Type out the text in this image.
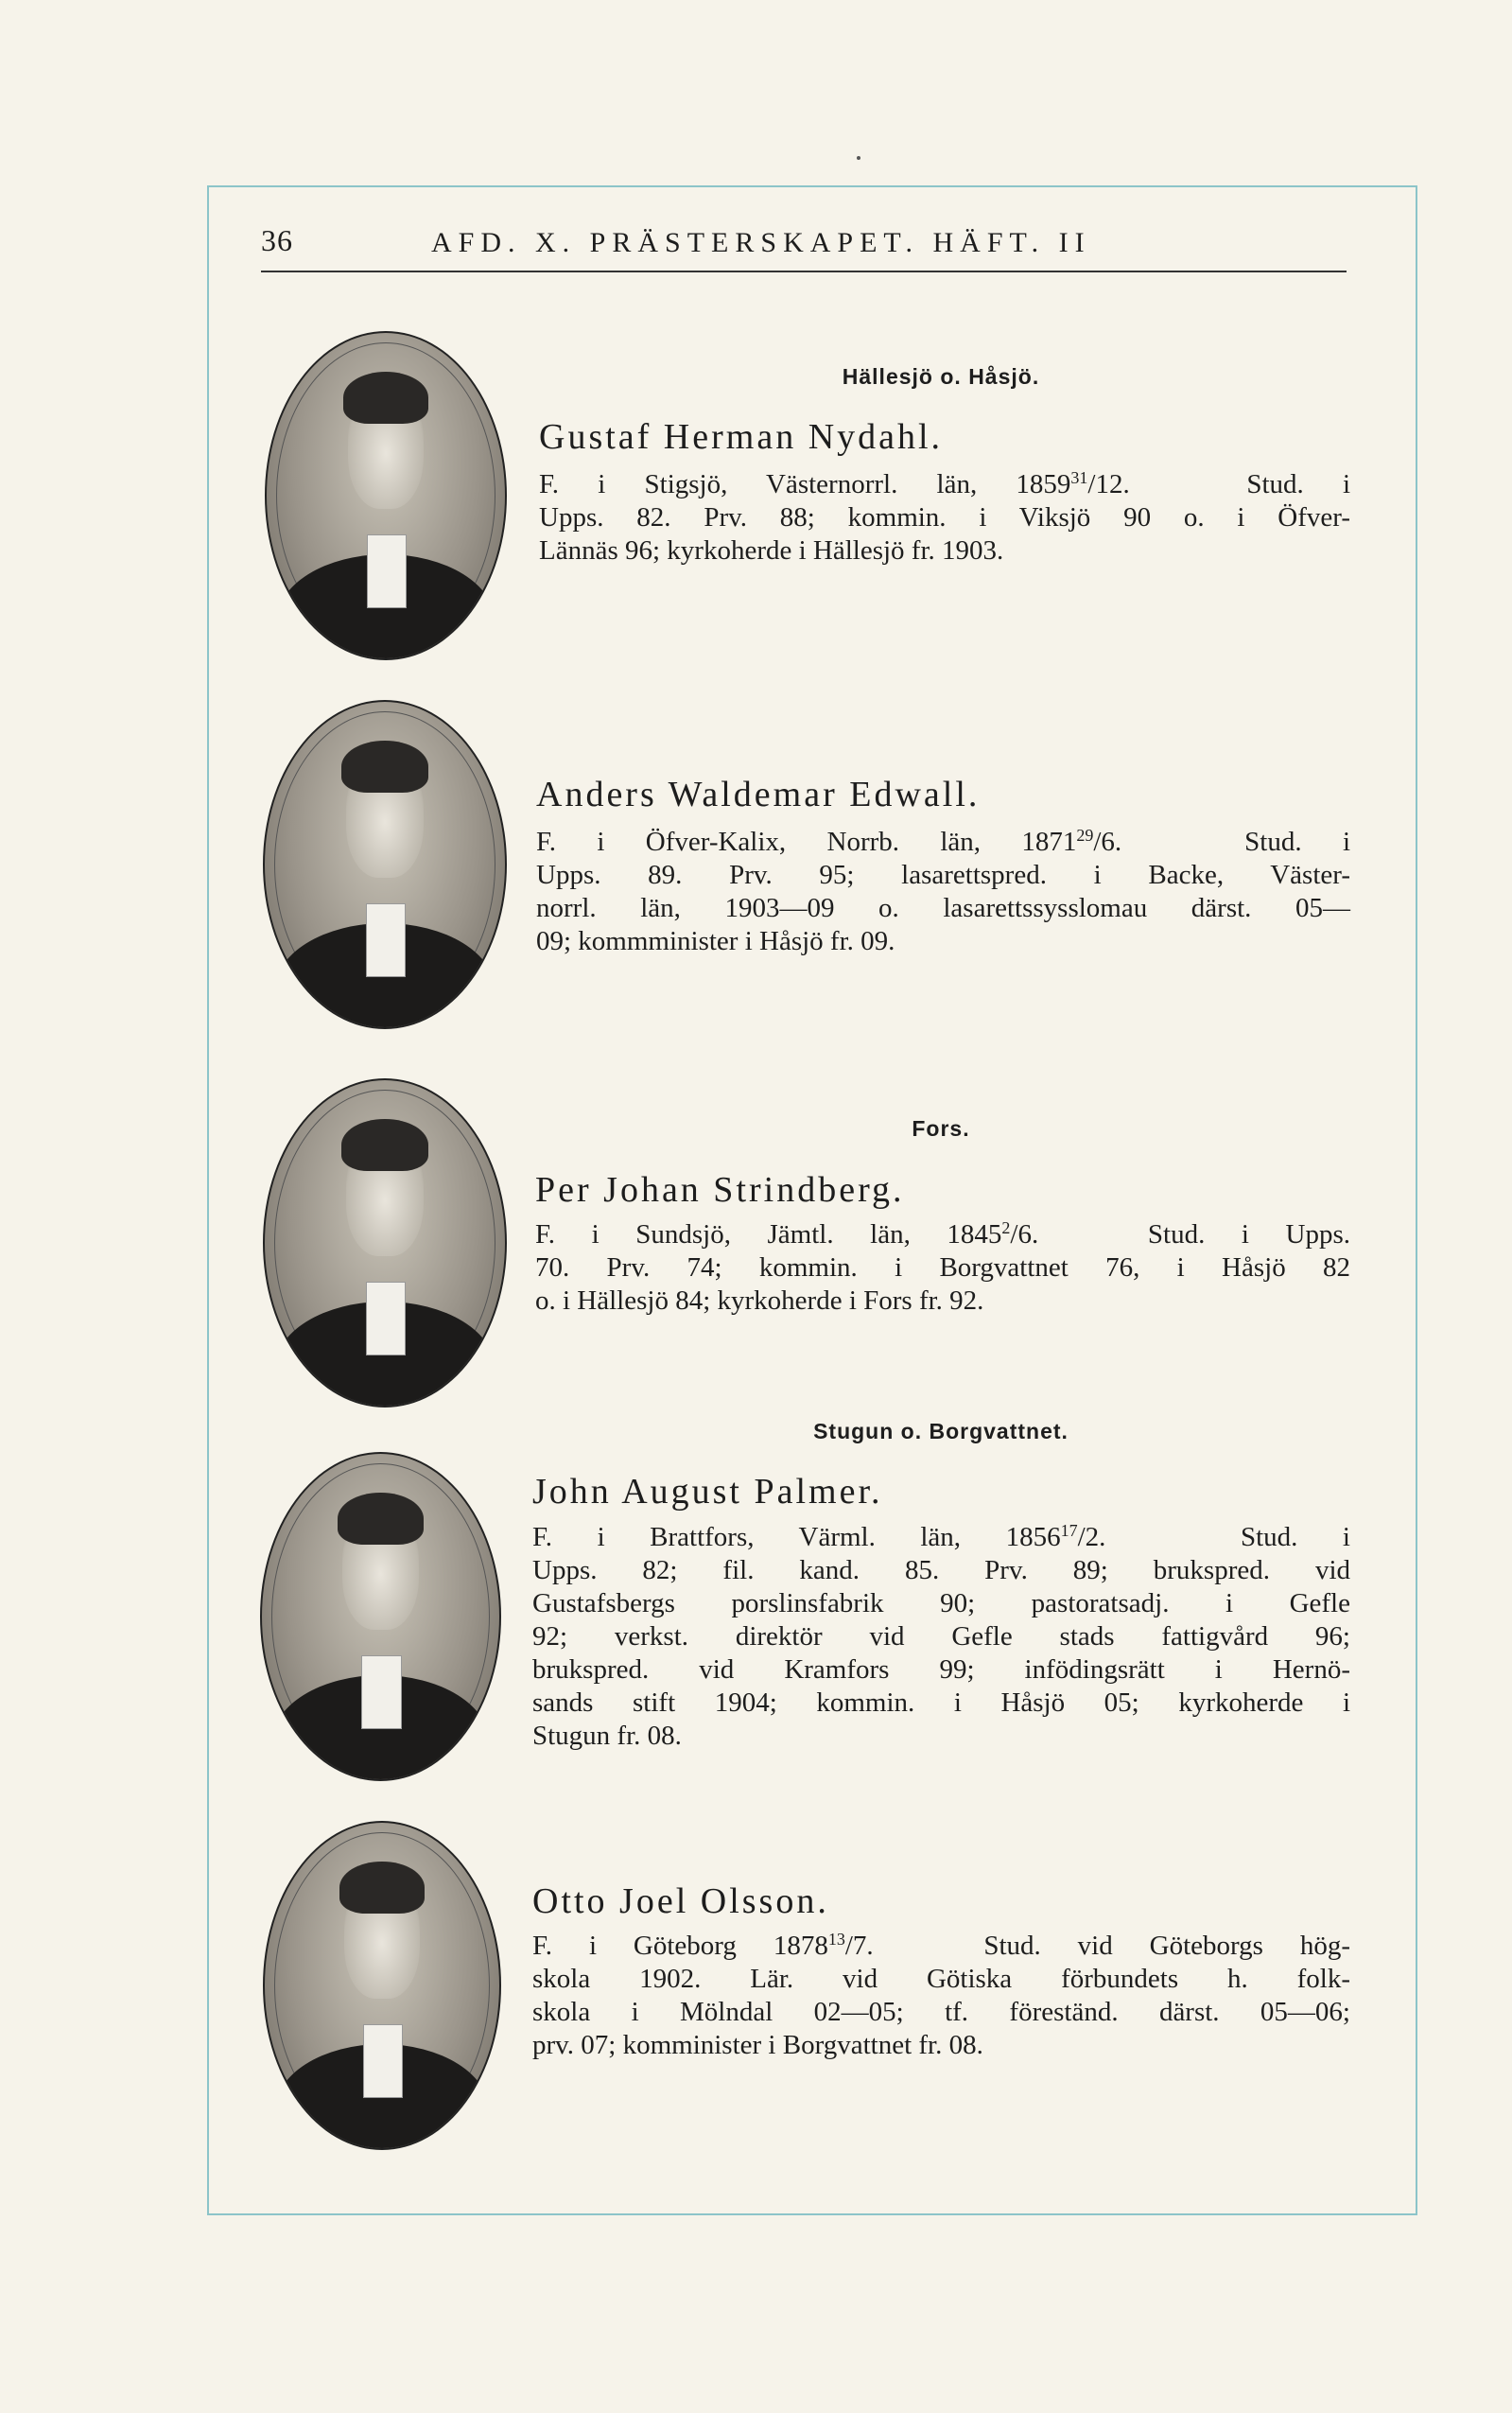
36	AFD. X. PRÄSTERSKAPET. HÄFT. II
Hällesjö o. Håsjö.
Gustaf Herman Nydahl.
F. i Stigsjö, Västernorrl. län, 1859$^{31}$/12.	Stud. i
Upps. 82. Prv. 88; kommin. i Viksjö 90 o. i Öfver-
Lännäs 96; kyrkoherde i Hällesjö fr. 1903.
Anders Waldemar Edwall.
F. i Öfver-Kalix, Norrb. län, 1871$^{29}$/6.	Stud. i
Upps. 89. Prv. 95; lasarettspred. i Backe, Väster-
norrl. län, 1903—09 o. lasarettssysslomau därst. 05—
09; kommminister i Håsjö fr. 09.
Fors.
Per Johan Strindberg.
F. i Sundsjö, Jämtl. län, 1845$^2$/6.	Stud. i Upps.
70. Prv. 74; kommin. i Borgvattnet 76, i Håsjö 82
o. i Hällesjö 84; kyrkoherde i Fors fr. 92.
Stugun o. Borgvattnet.
John August Palmer.
F. i Brattfors, Värml. län, 1856$^{17}$/2.	Stud. i
Upps. 82; fil. kand. 85. Prv. 89; brukspred. vid
Gustafsbergs porslinsfabrik 90; pastoratsadj. i Gefle
92; verkst. direktör vid Gefle stads fattigvård 96;
brukspred. vid Kramfors 99; infödingsrätt i Hernö-
sands stift 1904; kommin. i Håsjö 05; kyrkoherde i
Stugun fr. 08.
Otto Joel Olsson.
F. i Göteborg 1878$^{13}$/7.	Stud. vid Göteborgs hög-
skola 1902. Lär. vid Götiska förbundets h. folk-
skola i Mölndal 02—05; tf. föreständ. därst. 05—06;
prv. 07; komminister i Borgvattnet fr. 08.
